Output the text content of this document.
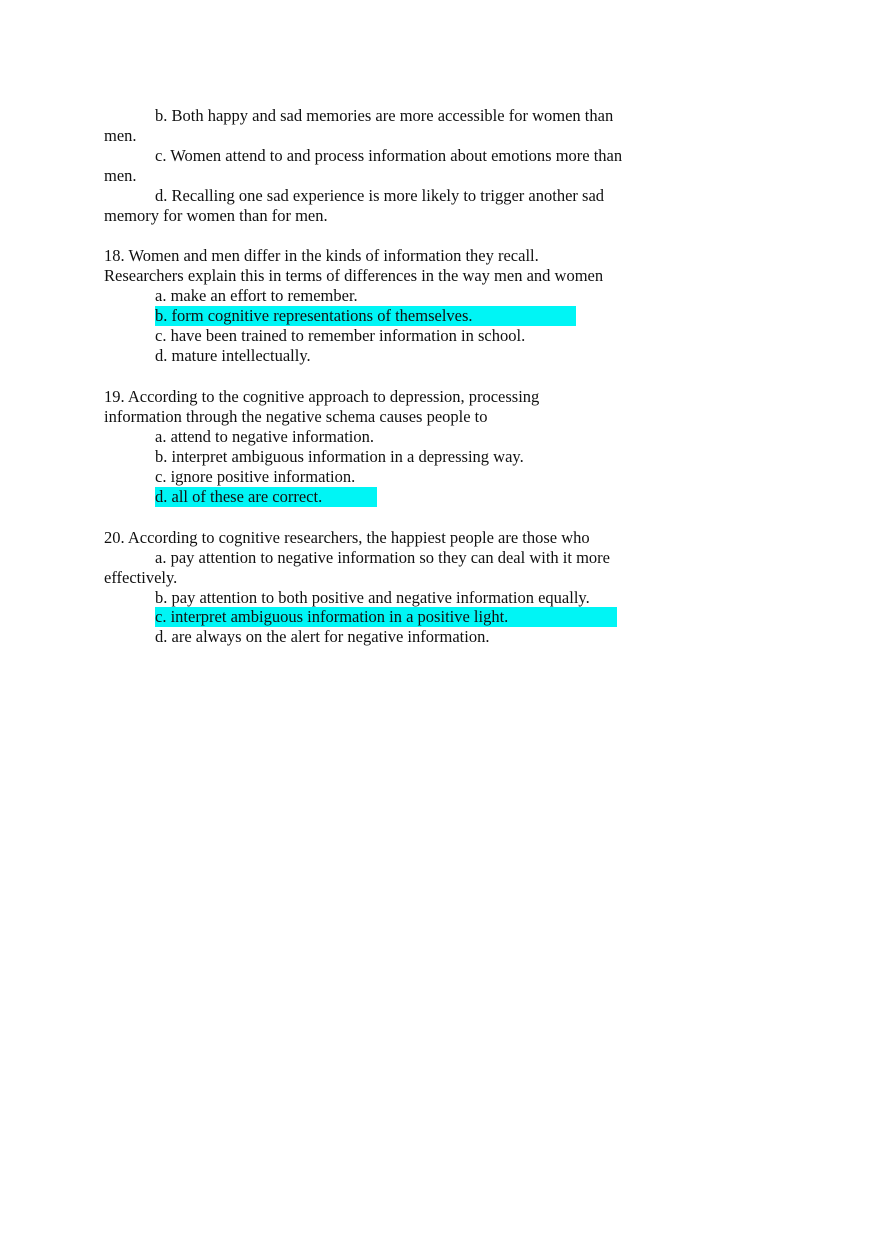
b. Both happy and sad memories are more accessible for women than
men.
c. Women attend to and process information about emotions more than
men.
d. Recalling one sad experience is more likely to trigger another sad
memory for women than for men.
18. Women and men differ in the kinds of information they recall.
Researchers explain this in terms of differences in the way men and women
a. make an effort to remember.
b. form cognitive representations of themselves.
c. have been trained to remember information in school.
d. mature intellectually.
19. According to the cognitive approach to depression, processing
information through the negative schema causes people to
a. attend to negative information.
b. interpret ambiguous information in a depressing way.
c. ignore positive information.
d. all of these are correct.
20. According to cognitive researchers, the happiest people are those who
a. pay attention to negative information so they can deal with it more
effectively.
b. pay attention to both positive and negative information equally.
c. interpret ambiguous information in a positive light.
d. are always on the alert for negative information.
